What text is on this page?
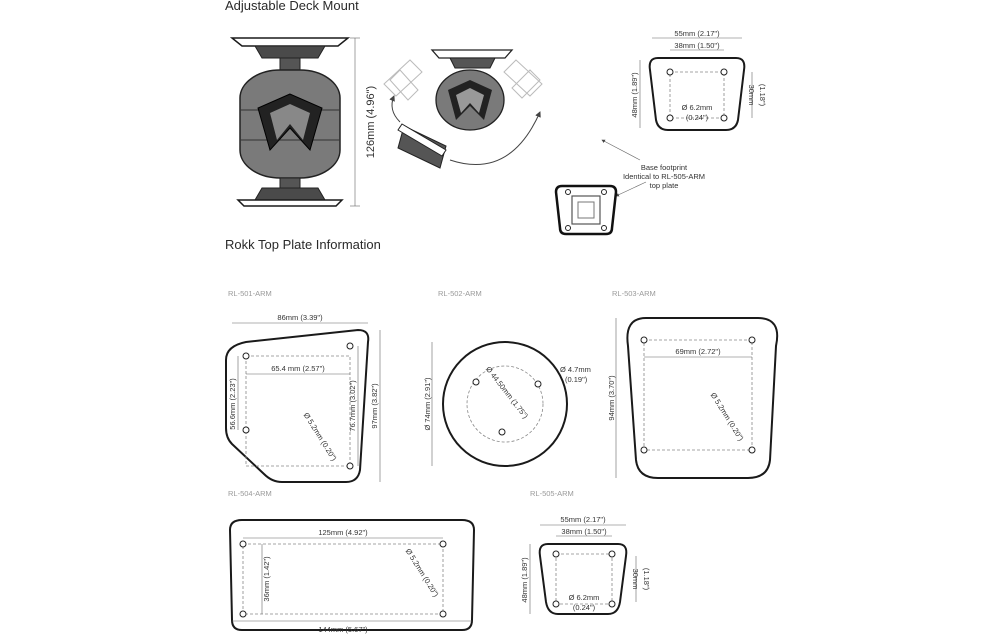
Adjustable Deck Mount
Rokk Top Plate Information
126mm (4.96")
55mm (2.17")
38mm (1.50")
48mm (1.89")	30mm (1.18")
Ø 6.2mm
(0.24")
Base footprint
Identical to RL-505-ARM
top plate
RL-501-ARM
86mm (3.39")
65.4 mm (2.57")
56.6mm (2.23")	76.7mm (3.02") 97mm (3.82")
Ø 5.2mm (0.20")
RL-502-ARM
Ø 74mm (2.91")	Ø 44.50mm (1.75")	Ø 4.7mm
(0.19")
RL-503-ARM
69mm (2.72")
94mm (3.70")	Ø 5.2mm (0.20")
RL-504-ARM
125mm (4.92")
36mm (1.42")
144mm (5.67")
Ø 5.2mm (0.20")
RL-505-ARM
55mm (2.17")
38mm (1.50")
48mm (1.89")	30mm (1.18")
Ø 6.2mm
(0.24")
